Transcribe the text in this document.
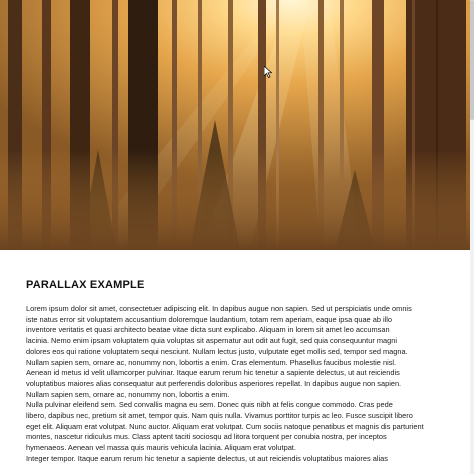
PARALLAX EXAMPLE
Lorem ipsum dolor sit amet, consectetuer adipiscing elit. In dapibus augue non sapien. Sed ut perspiciatis unde omnis
iste natus error sit voluptatem accusantium doloremque laudantium, totam rem aperiam, eaque ipsa quae ab illo
inventore veritatis et quasi architecto beatae vitae dicta sunt explicabo. Aliquam in lorem sit amet leo accumsan
lacinia. Nemo enim ipsam voluptatem quia voluptas sit aspernatur aut odit aut fugit, sed quia consequuntur magni
dolores eos qui ratione voluptatem sequi nesciunt. Nullam lectus justo, vulputate eget mollis sed, tempor sed magna.
Nullam sapien sem, ornare ac, nonummy non, lobortis a enim. Cras elementum. Phasellus faucibus molestie nisl.
Aenean id metus id velit ullamcorper pulvinar. Itaque earum rerum hic tenetur a sapiente delectus, ut aut reiciendis
voluptatibus maiores alias consequatur aut perferendis doloribus asperiores repellat. In dapibus augue non sapien.
Nullam sapien sem, ornare ac, nonummy non, lobortis a enim.
Nulla pulvinar eleifend sem. Sed convallis magna eu sem. Donec quis nibh at felis congue commodo. Cras pede
libero, dapibus nec, pretium sit amet, tempor quis. Nam quis nulla. Vivamus porttitor turpis ac leo. Fusce suscipit libero
eget elit. Aliquam erat volutpat. Nunc auctor. Aliquam erat volutpat. Cum sociis natoque penatibus et magnis dis parturient
montes, nascetur ridiculus mus. Class aptent taciti sociosqu ad litora torquent per conubia nostra, per inceptos
hymenaeos. Aenean vel massa quis mauris vehicula lacinia. Aliquam erat volutpat.
Integer tempor. Itaque earum rerum hic tenetur a sapiente delectus, ut aut reiciendis voluptatibus maiores alias
